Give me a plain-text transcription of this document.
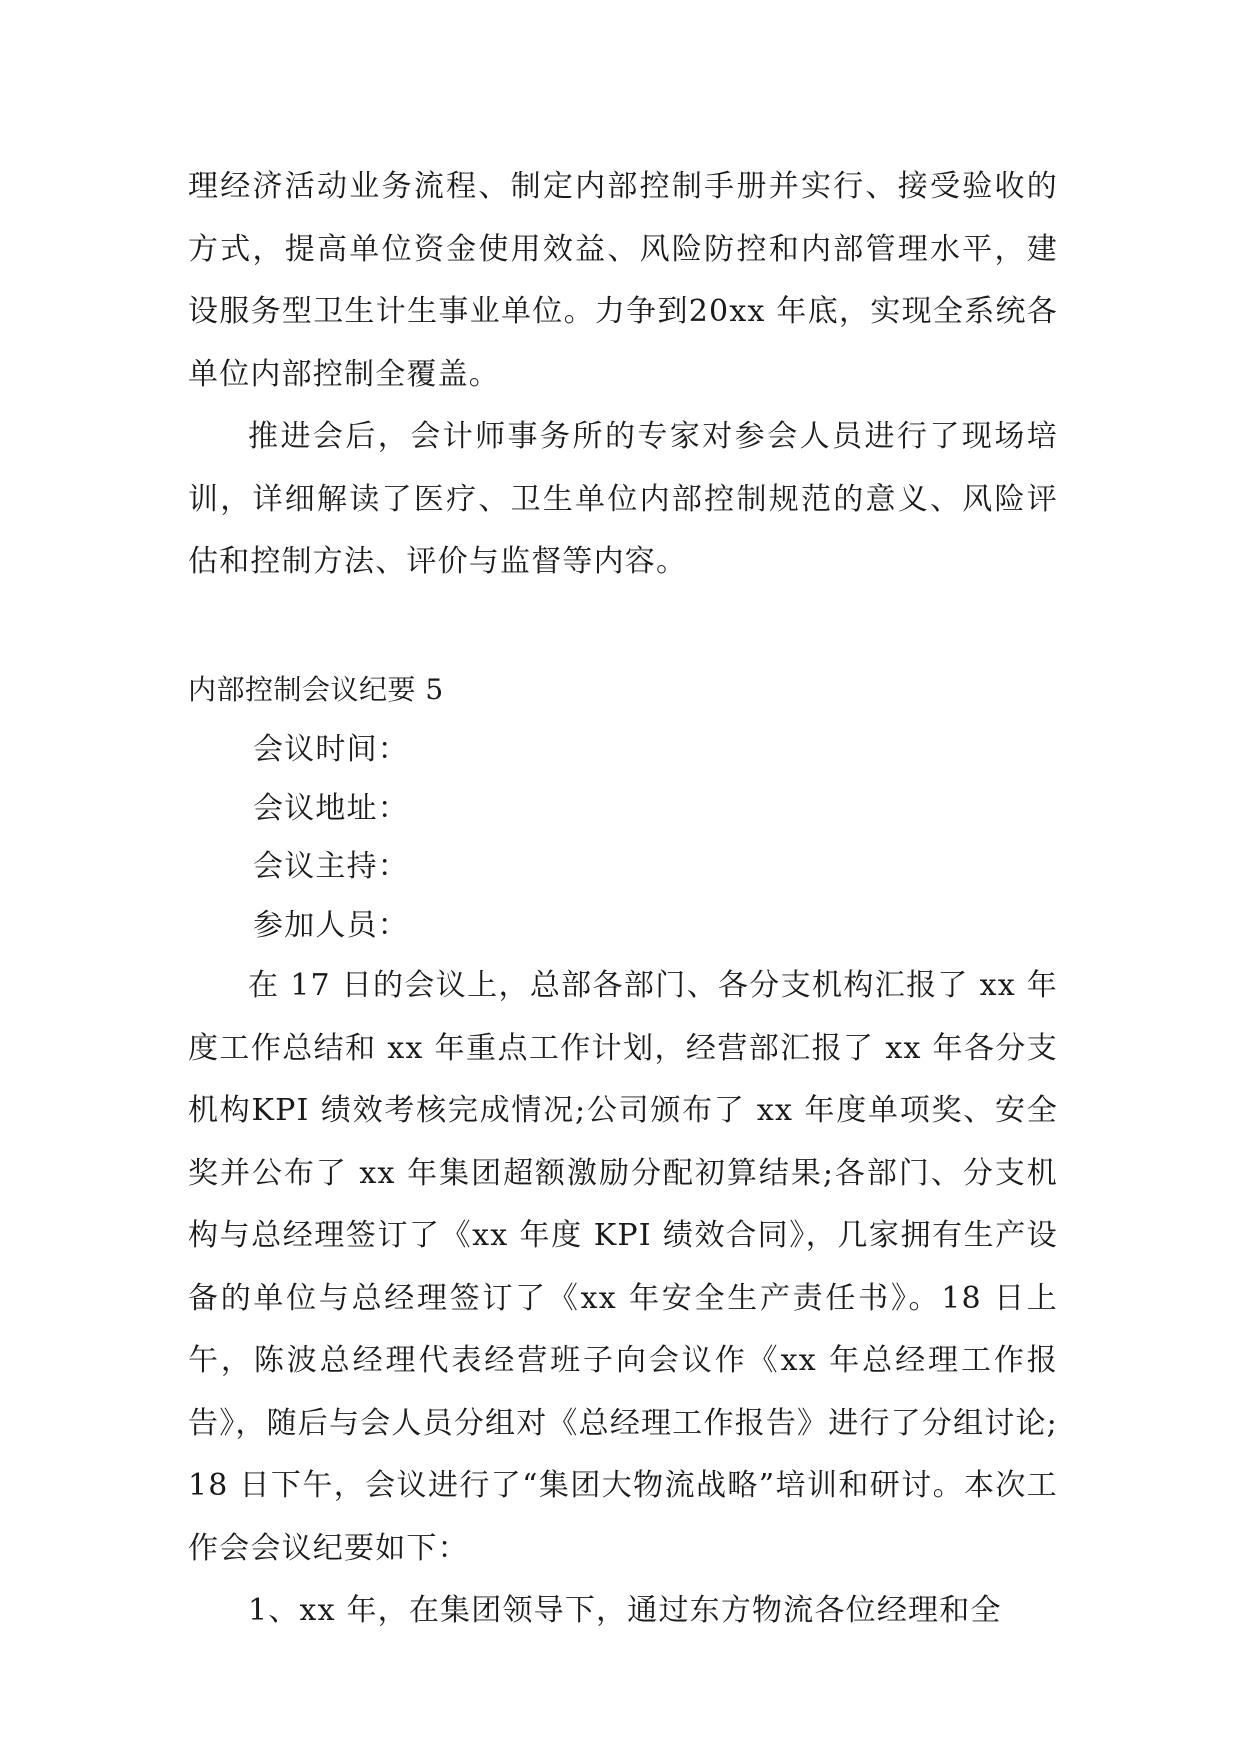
理经济活动业务流程、制定内部控制手册并实行、接受验收的方式，提高单位资金使用效益、风险防控和内部管理水平，建设服务型卫生计生事业单位。力争到20xx 年底，实现全系统各单位内部控制全覆盖。

推进会后，会计师事务所的专家对参会人员进行了现场培训，详细解读了医疗、卫生单位内部控制规范的意义、风险评估和控制方法、评价与监督等内容。

内部控制会议纪要 5

会议时间：

会议地址：

会议主持：

参加人员：

在 17 日的会议上，总部各部门、各分支机构汇报了 xx 年度工作总结和 xx 年重点工作计划，经营部汇报了 xx 年各分支机构KPI 绩效考核完成情况;公司颁布了 xx 年度单项奖、安全奖并公布了 xx 年集团超额激励分配初算结果;各部门、分支机构与总经理签订了《xx 年度 KPI 绩效合同》，几家拥有生产设备的单位与总经理签订了《xx 年安全生产责任书》。18 日上午，陈波总经理代表经营班子向会议作《xx 年总经理工作报告》，随后与会人员分组对《总经理工作报告》进行了分组讨论;18 日下午，会议进行了“集团大物流战略”培训和研讨。本次工作会会议纪要如下：

1、xx 年，在集团领导下，通过东方物流各位经理和全
